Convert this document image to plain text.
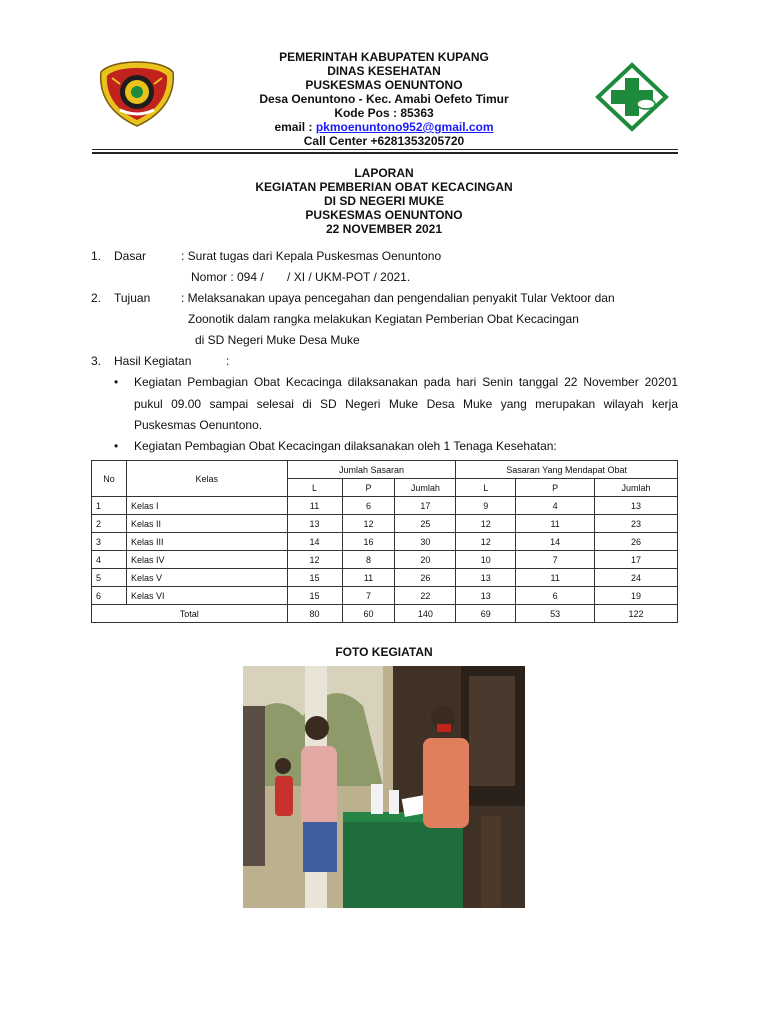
PEMERINTAH KABUPATEN KUPANG
DINAS KESEHATAN
PUSKESMAS OENUNTONO
Desa Oenuntono - Kec. Amabi Oefeto Timur
Kode Pos : 85363
email : pkmoenuntono952@gmail.com
Call Center +6281353205720
LAPORAN
KEGIATAN PEMBERIAN OBAT KECACINGAN
DI SD NEGERI MUKE
PUSKESMAS OENUNTONO
22 NOVEMBER 2021
1. Dasar	: Surat tugas dari Kepala Puskesmas Oenuntono
Nomor : 094 /       / XI / UKM-POT / 2021.
2. Tujuan	: Melaksanakan upaya pencegahan dan pengendalian penyakit Tular Vektoor dan
Zoonotik dalam rangka melakukan Kegiatan Pemberian Obat Kecacingan
di SD Negeri Muke Desa Muke
3. Hasil Kegiatan	:
• Kegiatan Pembagian Obat Kecacinga dilaksanakan pada hari Senin tanggal 22 November 20201
pukul 09.00 sampai selesai di SD Negeri Muke Desa Muke yang merupakan wilayah kerja
Puskesmas Oenuntono.
• Kegiatan Pembagian Obat Kecacingan dilaksanakan oleh 1 Tenaga Kesehatan:
No	Kelas	Jumlah Sasaran			Sasaran Yang Mendapat Obat		
		L	P	Jumlah	L	P	Jumlah
1	Kelas I	11	6	17	9	4	13
2	Kelas II	13	12	25	12	11	23
3	Kelas III	14	16	30	12	14	26
4	Kelas IV	12	8	20	10	7	17
5	Kelas V	15	11	26	13	11	24
6	Kelas VI	15	7	22	13	6	19
Total		80	60	140	69	53	122
FOTO KEGIATAN
